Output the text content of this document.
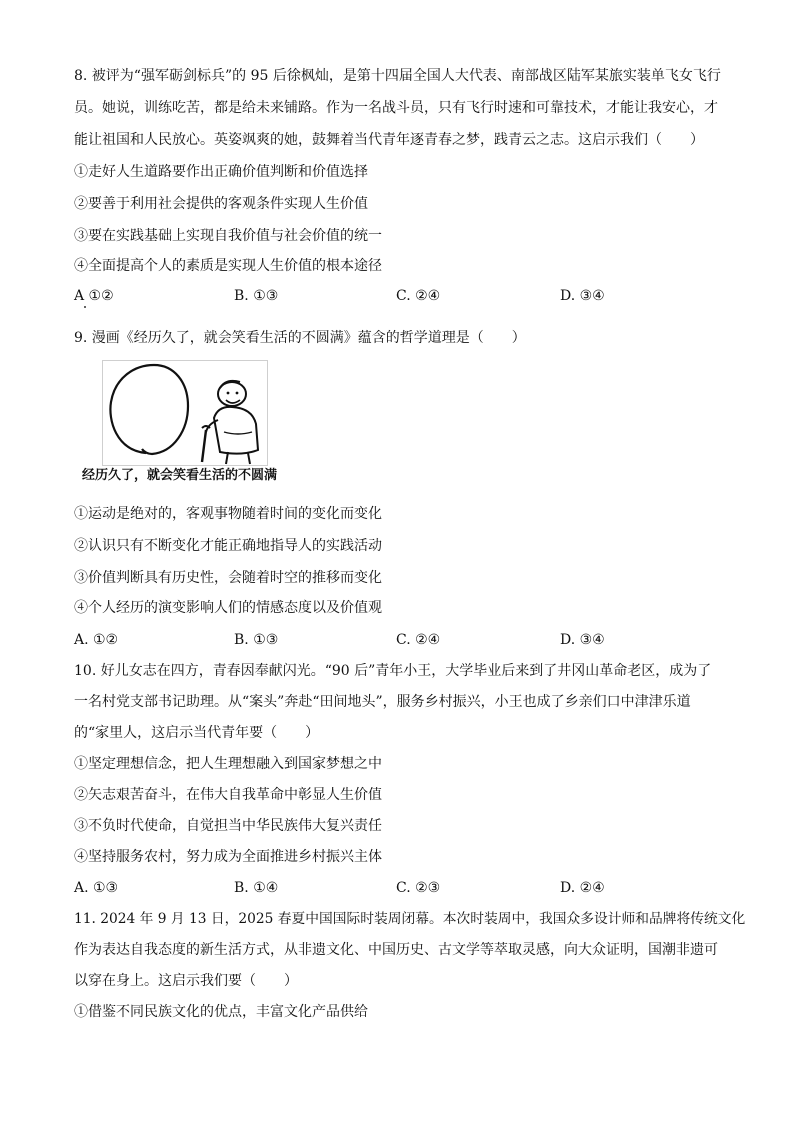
8. 被评为“强军砺剑标兵”的 95 后徐枫灿，是第十四届全国人大代表、南部战区陆军某旅实装单飞女飞行
员。她说，训练吃苦，都是给未来铺路。作为一名战斗员，只有飞行时速和可靠技术，才能让我安心，才
能让祖国和人民放心。英姿飒爽的她，鼓舞着当代青年逐青春之梦，践青云之志。这启示我们（　　）
①走好人生道路要作出正确价值判断和价值选择
②要善于利用社会提供的客观条件实现人生价值
③要在实践基础上实现自我价值与社会价值的统一
④全面提高个人的素质是实现人生价值的根本途径
A ①②	B. ①③	C. ②④	D. ③④
9. 漫画《经历久了，就会笑看生活的不圆满》蕴含的哲学道理是（　　）
经历久了，就会笑看生活的不圆满
①运动是绝对的，客观事物随着时间的变化而变化
②认识只有不断变化才能正确地指导人的实践活动
③价值判断具有历史性，会随着时空的推移而变化
④个人经历的演变影响人们的情感态度以及价值观
A. ①②	B. ①③	C. ②④	D. ③④
10. 好儿女志在四方，青春因奉献闪光。“90 后”青年小王，大学毕业后来到了井冈山革命老区，成为了
一名村党支部书记助理。从“案头”奔赴“田间地头”，服务乡村振兴，小王也成了乡亲们口中津津乐道
的“家里人，这启示当代青年要（　　）
①坚定理想信念，把人生理想融入到国家梦想之中
②矢志艰苦奋斗，在伟大自我革命中彰显人生价值
③不负时代使命，自觉担当中华民族伟大复兴责任
④坚持服务农村，努力成为全面推进乡村振兴主体
A. ①③	B. ①④	C. ②③	D. ②④
11. 2024 年 9 月 13 日，2025 春夏中国国际时装周闭幕。本次时装周中，我国众多设计师和品牌将传统文化
作为表达自我态度的新生活方式，从非遗文化、中国历史、古文学等萃取灵感，向大众证明，国潮非遗可
以穿在身上。这启示我们要（　　）
①借鉴不同民族文化的优点，丰富文化产品供给
